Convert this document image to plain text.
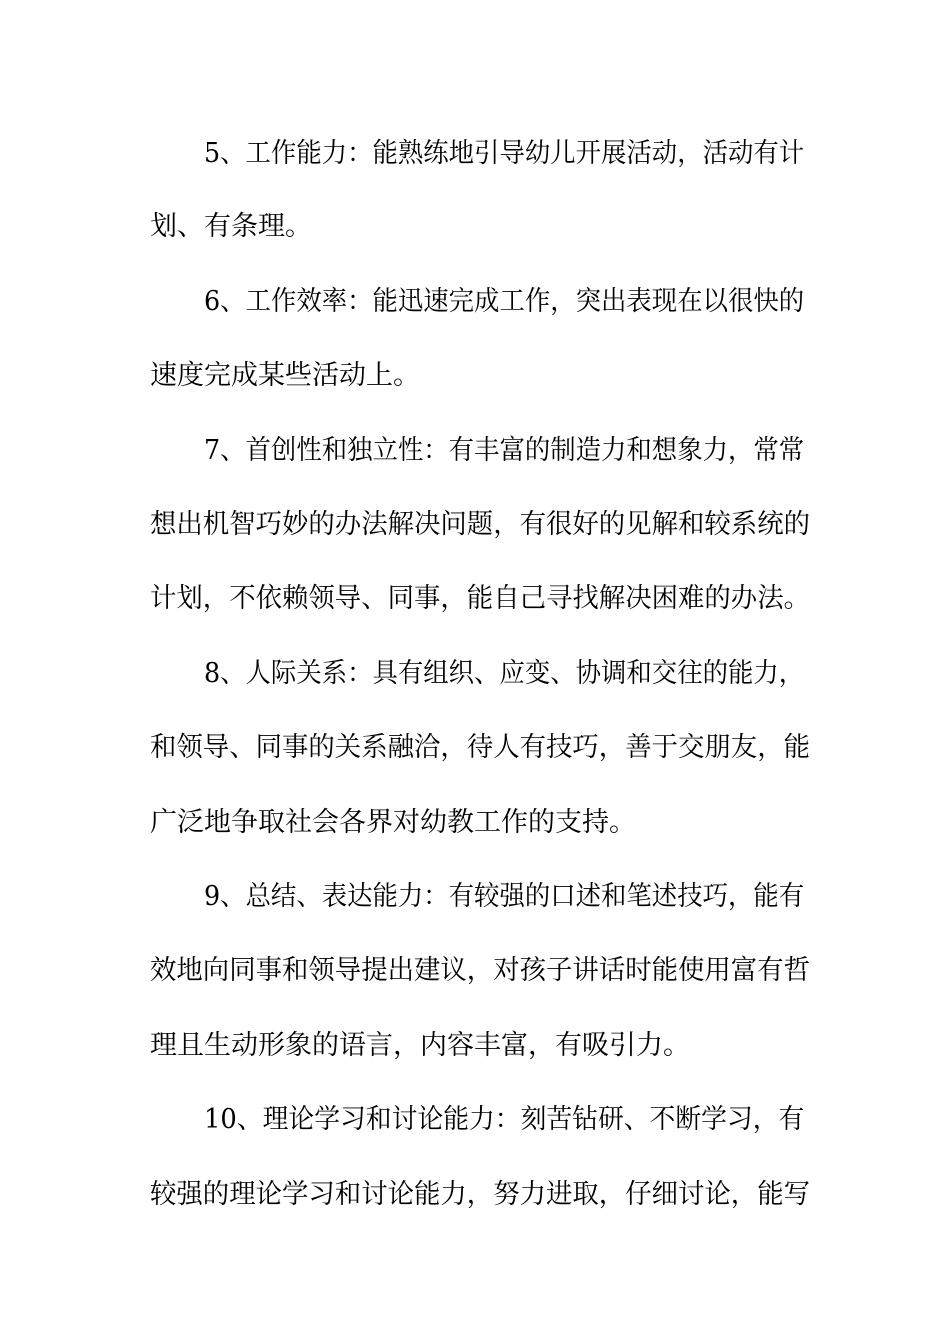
5、工作能力：能熟练地引导幼儿开展活动，活动有计
划、有条理。
6、工作效率：能迅速完成工作，突出表现在以很快的
速度完成某些活动上。
7、首创性和独立性：有丰富的制造力和想象力，常常
想出机智巧妙的办法解决问题，有很好的见解和较系统的
计划，不依赖领导、同事，能自己寻找解决困难的办法。
8、人际关系：具有组织、应变、协调和交往的能力，
和领导、同事的关系融洽，待人有技巧，善于交朋友，能
广泛地争取社会各界对幼教工作的支持。
9、总结、表达能力：有较强的口述和笔述技巧，能有
效地向同事和领导提出建议，对孩子讲话时能使用富有哲
理且生动形象的语言，内容丰富，有吸引力。
10、理论学习和讨论能力：刻苦钻研、不断学习，有
较强的理论学习和讨论能力，努力进取，仔细讨论，能写
